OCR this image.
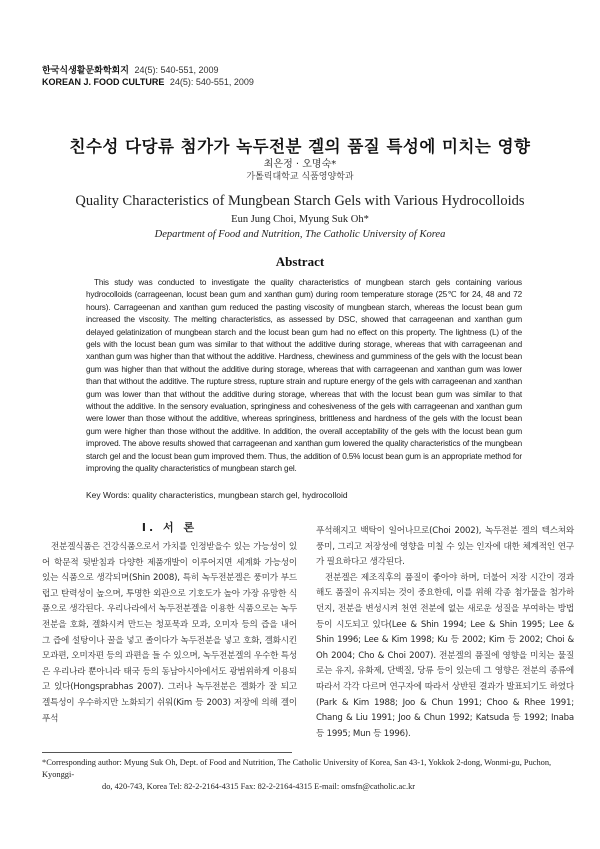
한국식생활문화학회지 24(5): 540-551, 2009
KOREAN J. FOOD CULTURE 24(5): 540-551, 2009
친수성 다당류 첨가가 녹두전분 겔의 품질 특성에 미치는 영향
최은정 · 오명숙*
가톨릭대학교 식품영양학과
Quality Characteristics of Mungbean Starch Gels with Various Hydrocolloids
Eun Jung Choi, Myung Suk Oh*
Department of Food and Nutrition, The Catholic University of Korea
Abstract
This study was conducted to investigate the quality characteristics of mungbean starch gels containing various hydrocolloids (carrageenan, locust bean gum and xanthan gum) during room temperature storage (25℃ for 24, 48 and 72 hours). Carrageenan and xanthan gum reduced the pasting viscosity of mungbean starch, whereas the locust bean gum increased the viscosity. The melting characteristics, as assessed by DSC, showed that carrageenan and xanthan gum delayed gelatinization of mungbean starch and the locust bean gum had no effect on this property. The lightness (L) of the gels with the locust bean gum was similar to that without the additive during storage, whereas that with carrageenan and xanthan gum was higher than that without the additive. Hardness, chewiness and gumminess of the gels with the locust bean gum was higher than that without the additive during storage, whereas that with carrageenan and xanthan gum was lower than that without the additive. The rupture stress, rupture strain and rupture energy of the gels with carrageenan and xanthan gum was lower than that without the additive during storage, whereas that with the locust bean gum was similar to that without the additive. In the sensory evaluation, springiness and cohesiveness of the gels with carrageenan and xanthan gum were lower than those without the additive, whereas springiness, brittleness and hardness of the gels with the locust bean gum were higher than those without the additive. In addition, the overall acceptability of the gels with the locust bean gum improved. The above results showed that carrageenan and xanthan gum lowered the quality characteristics of the mungbean starch gel and the locust bean gum improved them. Thus, the addition of 0.5% locust bean gum is an appropriate method for improving the quality characteristics of mungbean starch gel.
Key Words: quality characteristics, mungbean starch gel, hydrocolloid
I. 서 론

전분겔식품은 건강식품으로서 가치를 인정받을수 있는 가능성이 있어 학문적 뒷받침과 다양한 제품개발이 이루어지면 세계화 가능성이 있는 식품으로 생각되며(Shin 2008), 특히 녹두전분겔은 풍미가 부드럽고 탄력성이 높으며, 투명한 외관으로 기호도가 높아 가장 유망한 식품으로 생각된다. 우리나라에서 녹두전분겔을 이용한 식품으로는 녹두전분을 호화, 겔화시켜 만드는 청포묵과 모과, 오미자 등의 즙을 내어 그 즙에 설탕이나 꿀을 넣고 졸이다가 녹두전분을 넣고 호화, 겔화시킨 모과편, 오미자편 등의 과편을 들 수 있으며, 녹두전분겔의 우수한 특성은 우리나라 뿐아니라 태국 등의 동남아시아에서도 광범위하게 이용되고 있다(Hongsprabhas 2007). 그러나 녹두전분은 겔화가 잘 되고 겔특성이 우수하지만 노화되기 쉬워(Kim 등 2003) 저장에 의해 겔이 푸석

푸석해지고 백탁이 일어나므로(Choi 2002), 녹두전분 겔의 텍스쳐와 풍미, 그리고 저장성에 영향을 미칠 수 있는 인자에 대한 체계적인 연구가 필요하다고 생각된다.

전분겔은 제조직후의 품질이 좋아야 하며, 더불어 저장 시간이 경과해도 품질이 유지되는 것이 중요한데, 이를 위해 각종 첨가물을 첨가하던지, 전분을 변성시켜 천연 전분에 없는 새로운 성질을 부여하는 방법 등이 시도되고 있다(Lee & Shin 1994; Lee & Shin 1995; Lee & Shin 1996; Lee & Kim 1998; Ku 등 2002; Kim 등 2002; Choi & Oh 2004; Cho & Choi 2007). 전분겔의 품질에 영향을 미치는 물질로는 유지, 유화제, 단백질, 당류 등이 있는데 그 영향은 전분의 종류에 따라서 각각 다르며 연구자에 따라서 상반된 결과가 발표되기도 하였다(Park & Kim 1988; Joo & Chun 1991; Choo & Rhee 1991; Chang & Liu 1991; Joo & Chun 1992; Katsuda 등 1992; Inaba 등 1995; Mun 등 1996).

*Corresponding author: Myung Suk Oh, Dept. of Food and Nutrition, The Catholic University of Korea, San 43-1, Yokkok 2-dong, Wonmi-gu, Puchon, Kyonggi-
do, 420-743, Korea Tel: 82-2-2164-4315 Fax: 82-2-2164-4315 E-mail: omsfn@catholic.ac.kr
